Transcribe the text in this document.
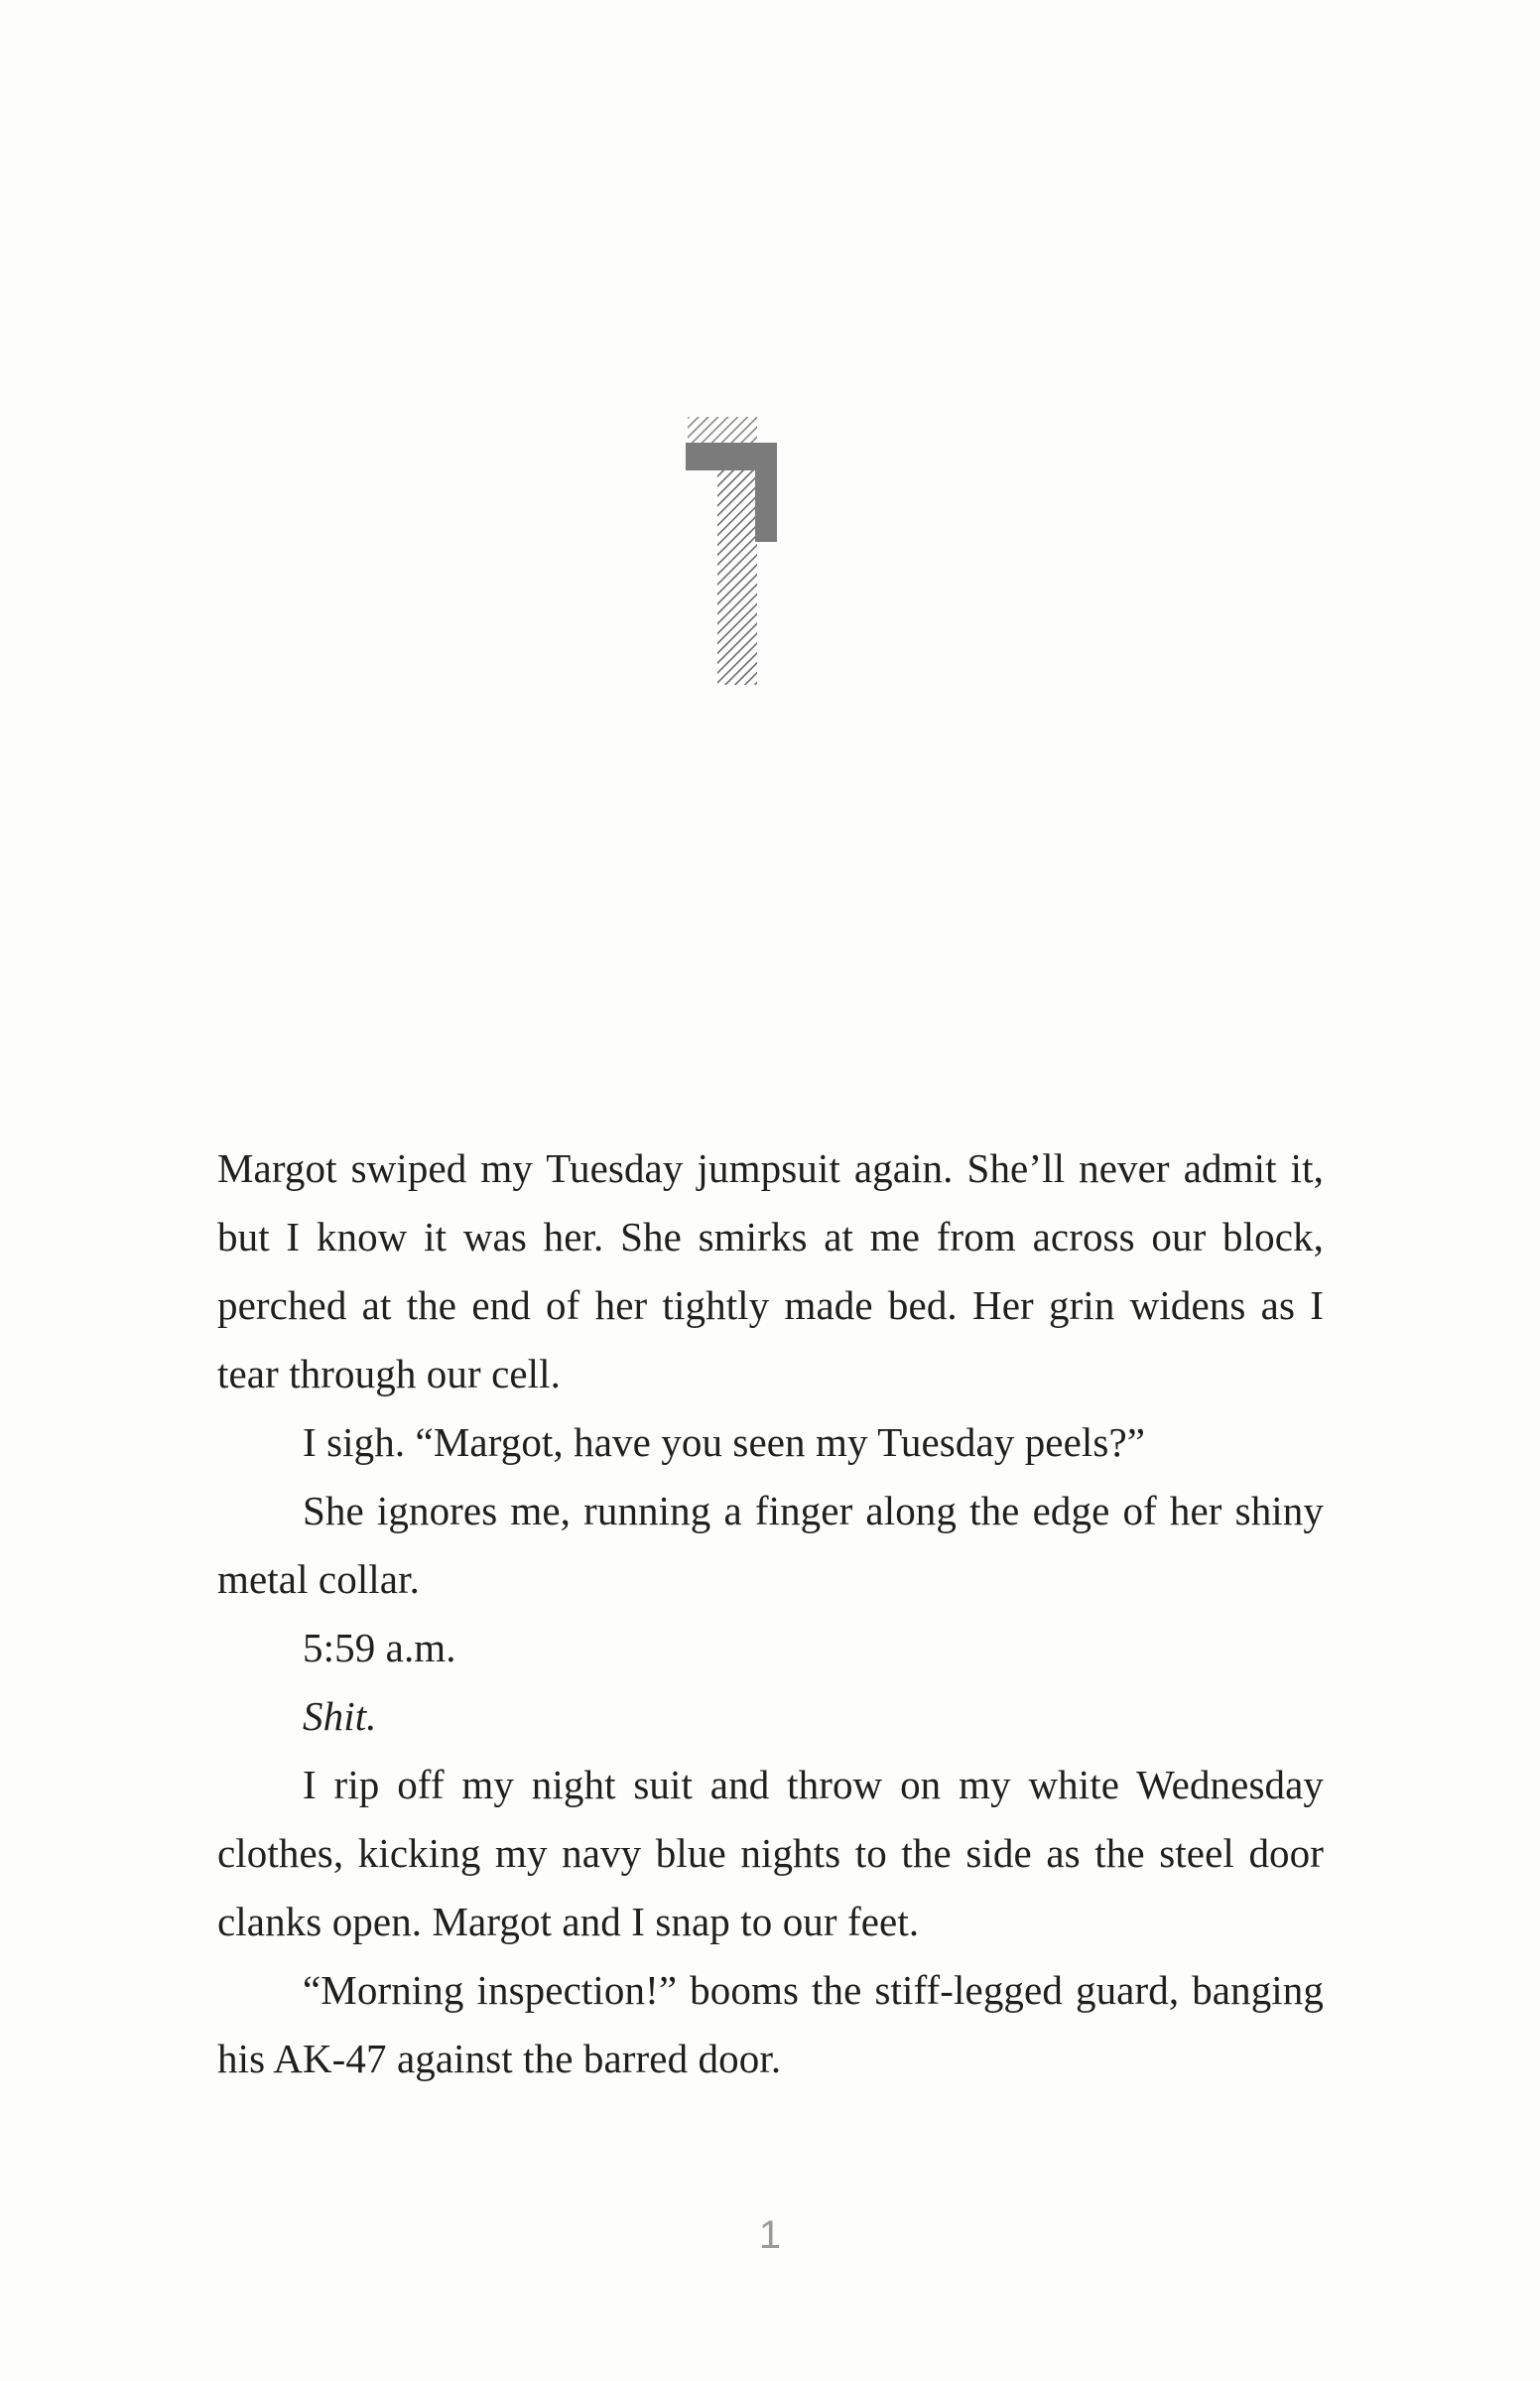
Margot swiped my Tuesday jumpsuit again. She’ll never admit it, but I know it was her. She smirks at me from across our block, perched at the end of her tightly made bed. Her grin widens as I tear through our cell.

I sigh. “Margot, have you seen my Tuesday peels?”

She ignores me, running a finger along the edge of her shiny metal collar.

5:59 a.m.

Shit.

I rip off my night suit and throw on my white Wednesday clothes, kicking my navy blue nights to the side as the steel door clanks open. Margot and I snap to our feet.

“Morning inspection!” booms the stiff-legged guard, banging his AK-47 against the barred door.

1
